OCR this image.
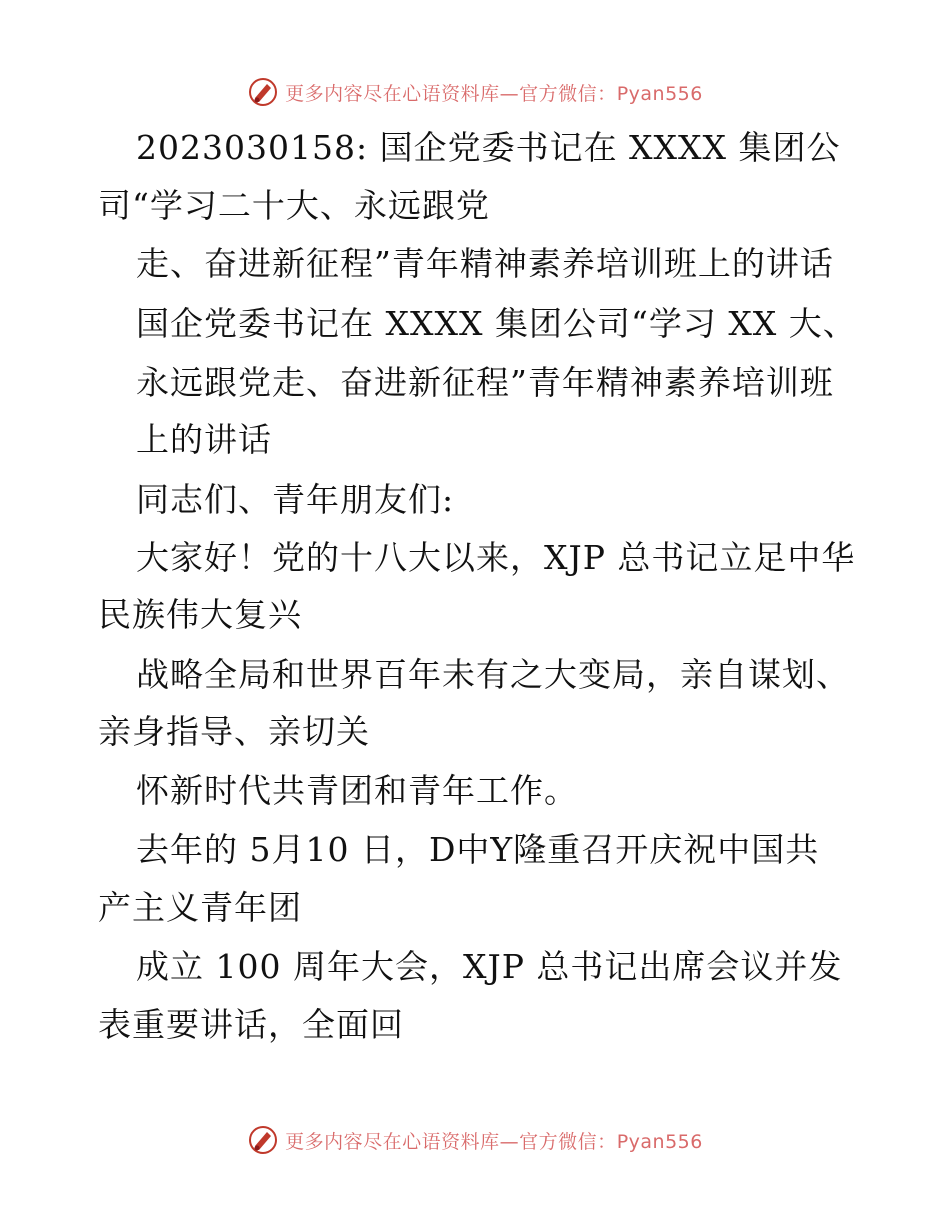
更多内容尽在心语资料库—官方微信：Pyan556
2023030158: 国企党委书记在 XXXX 集团公
司“学习二十大、永远跟党
走、奋进新征程”青年精神素养培训班上的讲话
国企党委书记在 XXXX 集团公司“学习 XX 大、
永远跟党走、奋进新征程”青年精神素养培训班
上的讲话
同志们、青年朋友们:
大家好！党的十八大以来，XJP 总书记立足中华
民族伟大复兴
战略全局和世界百年未有之大变局，亲自谋划、
亲身指导、亲切关
怀新时代共青团和青年工作。
去年的 5月10 日，D中Y隆重召开庆祝中国共
产主义青年团
成立 100 周年大会，XJP 总书记出席会议并发
表重要讲话，全面回
更多内容尽在心语资料库—官方微信：Pyan556
